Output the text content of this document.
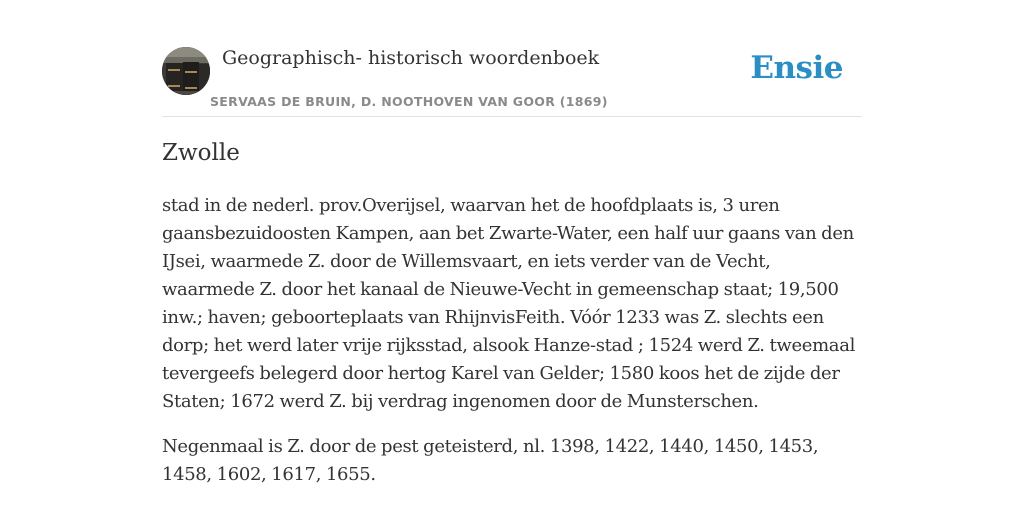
Geographisch- historisch woordenboek
SERVAAS DE BRUIN, D. NOOTHOVEN VAN GOOR (1869)
Ensie
Zwolle

stad in de nederl. prov.Overijsel, waarvan het de hoofdplaats is, 3 uren gaansbezuidoosten Kampen, aan bet Zwarte-Water, een half uur gaans van den IJsei, waarmede Z. door de Willemsvaart, en iets verder van de Vecht, waarmede Z. door het kanaal de Nieuwe-Vecht in gemeenschap staat; 19,500 inw.; haven; geboorteplaats van RhijnvisFeith. Vóór 1233 was Z. slechts een dorp; het werd later vrije rijksstad, alsook Hanze-stad ; 1524 werd Z. tweemaal tevergeefs belegerd door hertog Karel van Gelder; 1580 koos het de zijde der Staten; 1672 werd Z. bij verdrag ingenomen door de Munsterschen.

Negenmaal is Z. door de pest geteisterd, nl. 1398, 1422, 1440, 1450, 1453, 1458, 1602, 1617, 1655.
